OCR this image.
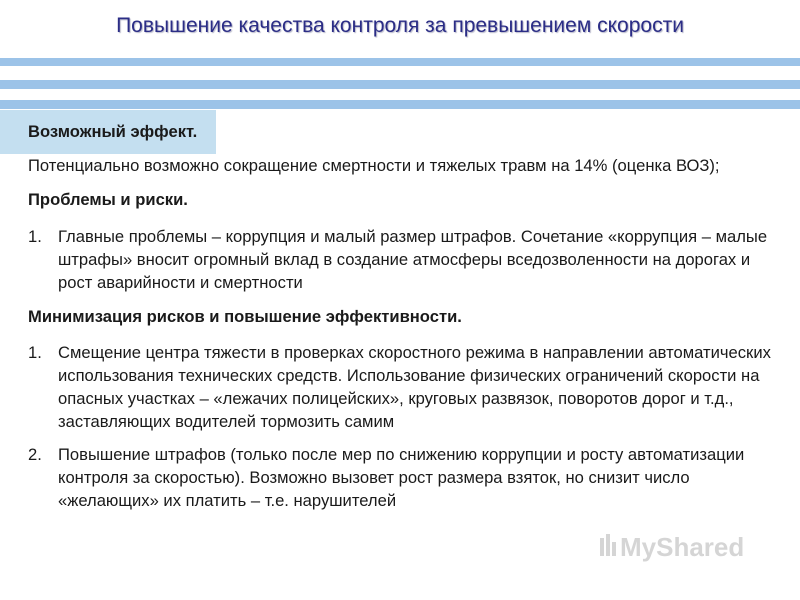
Повышение качества контроля за превышением скорости

Возможный эффект.

Потенциально возможно сокращение смертности и тяжелых травм на 14% (оценка ВОЗ);

Проблемы и риски.

1. Главные проблемы – коррупция и малый размер штрафов. Сочетание «коррупция – малые штрафы» вносит огромный вклад в создание атмосферы вседозволенности на дорогах и рост аварийности и смертности

Минимизация рисков и повышение эффективности.

1. Смещение центра тяжести в проверках скоростного режима в направлении автоматических использования технических средств. Использование физических ограничений скорости на опасных участках – «лежачих полицейских», круговых развязок, поворотов дорог и т.д., заставляющих водителей тормозить самим
2. Повышение штрафов (только после мер по снижению коррупции и росту автоматизации контроля за скоростью). Возможно вызовет рост размера взяток, но снизит число «желающих» их платить – т.е. нарушителей
MyShared
